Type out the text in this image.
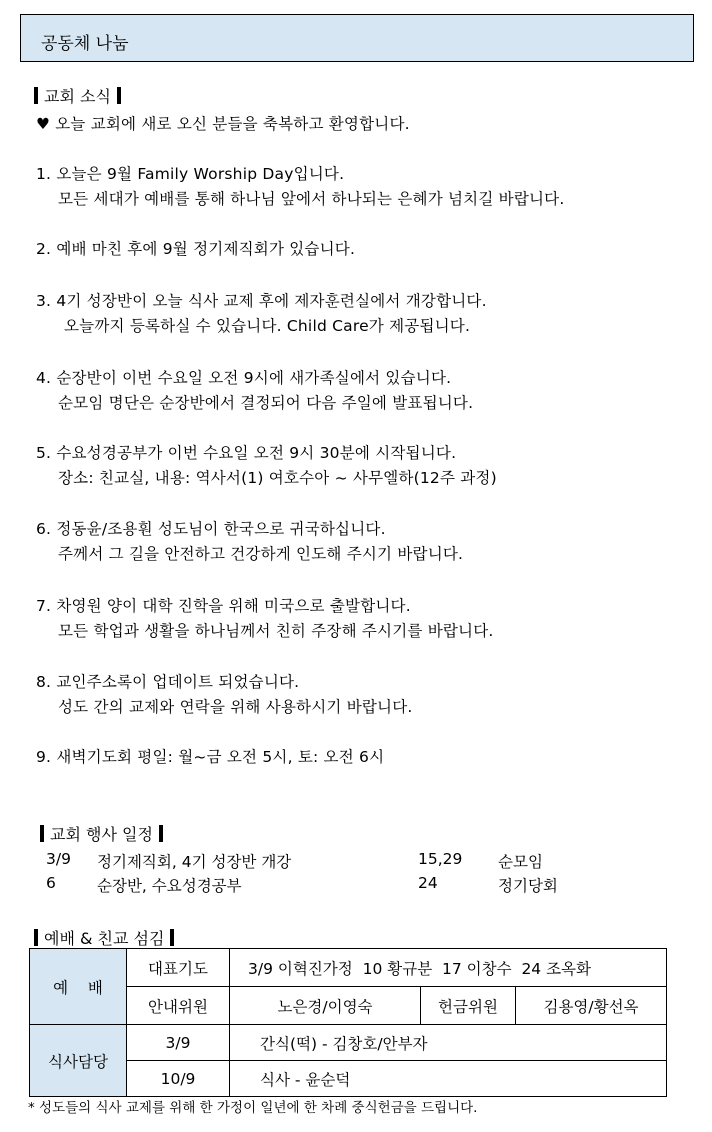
공동체 나눔
교회 소식
♥ 오늘 교회에 새로 오신 분들을 축복하고 환영합니다.
1. 오늘은 9월 Family Worship Day입니다.
모든 세대가 예배를 통해 하나님 앞에서 하나되는 은혜가 넘치길 바랍니다.
2. 예배 마친 후에 9월 정기제직회가 있습니다.
3. 4기 성장반이 오늘 식사 교제 후에 제자훈련실에서 개강합니다.
오늘까지 등록하실 수 있습니다. Child Care가 제공됩니다.
4. 순장반이 이번 수요일 오전 9시에 새가족실에서 있습니다.
순모임 명단은 순장반에서 결정되어 다음 주일에 발표됩니다.
5. 수요성경공부가 이번 수요일 오전 9시 30분에 시작됩니다.
장소: 친교실, 내용: 역사서(1) 여호수아 ~ 사무엘하(12주 과정)
6. 정동윤/조용훤 성도님이 한국으로 귀국하십니다.
주께서 그 길을 안전하고 건강하게 인도해 주시기 바랍니다.
7. 차영원 양이 대학 진학을 위해 미국으로 출발합니다.
모든 학업과 생활을 하나님께서 친히 주장해 주시기를 바랍니다.
8. 교인주소록이 업데이트 되었습니다.
성도 간의 교제와 연락을 위해 사용하시기 바랍니다.
9. 새벽기도회 평일: 월~금 오전 5시, 토: 오전 6시
교회 행사 일정
3/9 정기제직회, 4기 성장반 개강	15,29 순모임
6	순장반, 수요성경공부	24	정기당회
예배 & 친교 섬김
예    배	대표기도	3/9 이혁진가정  10 황규분  17 이창수  24 조옥화		
	안내위원	노은경/이영숙	헌금위원	김용영/황선옥
식사담당	3/9	간식(떡) - 김창호/안부자		
	10/9	식사 - 윤순덕		
* 성도들의 식사 교제를 위해 한 가정이 일년에 한 차례 중식헌금을 드립니다.
